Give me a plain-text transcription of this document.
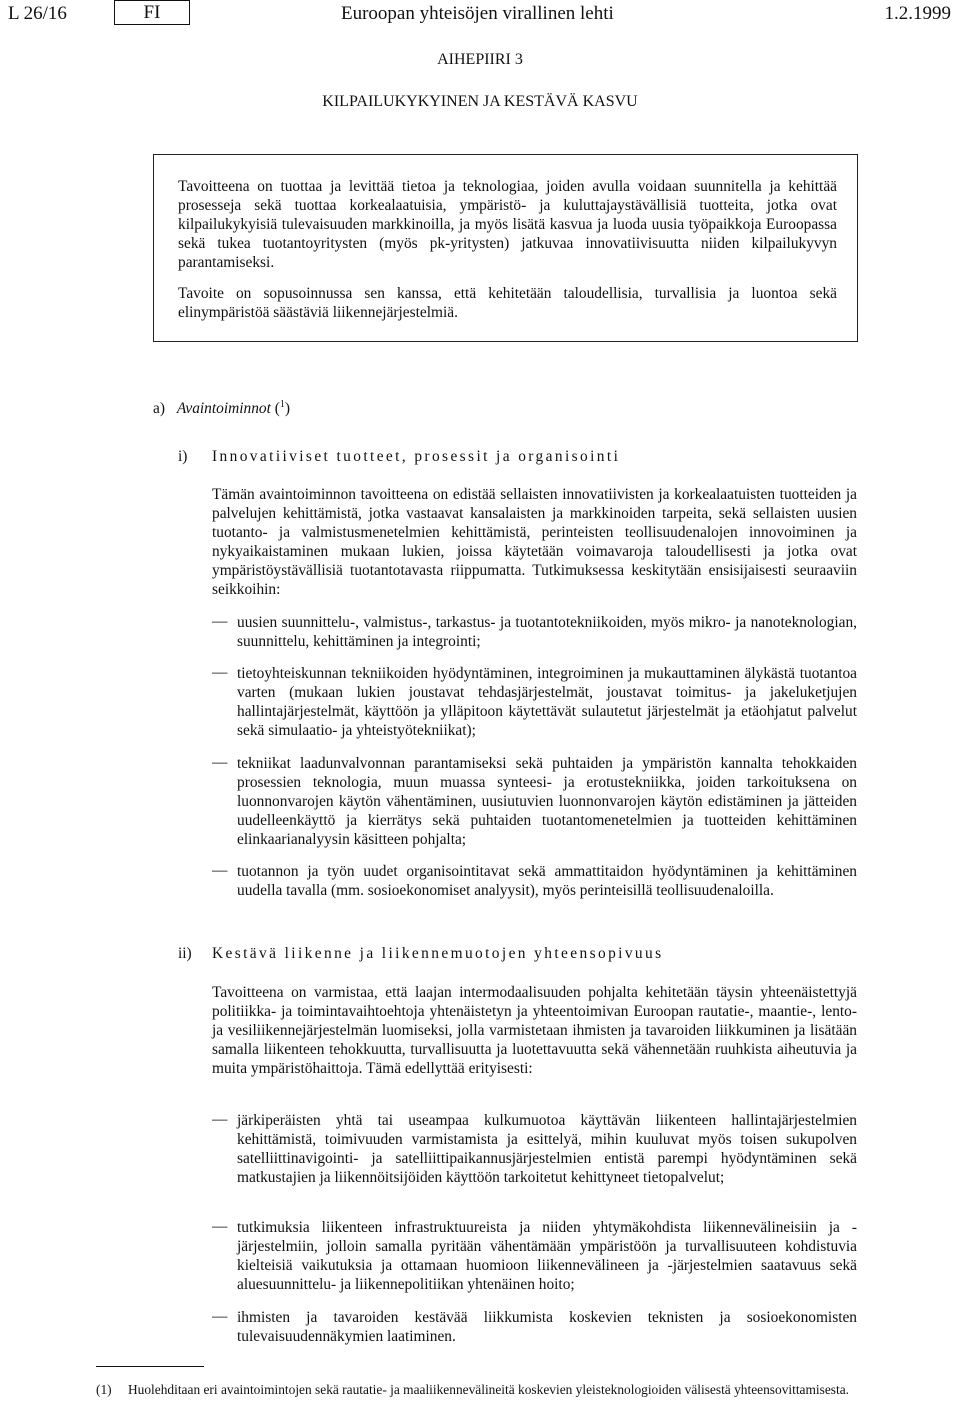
L 26/16	FI	Euroopan yhteisöjen virallinen lehti	1.2.1999
AIHEPIIRI 3
KILPAILUKYKYINEN JA KESTÄVÄ KASVU

Tavoitteena on tuottaa ja levittää tietoa ja teknologiaa, joiden avulla voidaan suunnitella ja kehittää prosesseja sekä tuottaa korkealaatuisia, ympäristö- ja kuluttajaystävällisiä tuotteita, jotka ovat kilpailukykyisiä tulevaisuuden markkinoilla, ja myös lisätä kasvua ja luoda uusia työpaikkoja Euroopassa sekä tukea tuotantoyritysten (myös pk-yritysten) jatkuvaa innovatiivisuutta niiden kilpailukyvyn parantamiseksi.

Tavoite on sopusoinnussa sen kanssa, että kehitetään taloudellisia, turvallisia ja luontoa sekä elinympäristöä säästäviä liikennejärjestelmiä.

a) Avaintoiminnot ($^1$)
i) Innovatiiviset tuotteet, prosessit ja organisointi

Tämän avaintoiminnon tavoitteena on edistää sellaisten innovatiivisten ja korkealaatuisten tuotteiden ja palvelujen kehittämistä, jotka vastaavat kansalaisten ja markkinoiden tarpeita, sekä sellaisten uusien tuotanto- ja valmistusmenetelmien kehittämistä, perinteisten teollisuudenalojen innovoiminen ja nykyaikaistaminen mukaan lukien, joissa käytetään voimavaroja taloudellisesti ja jotka ovat ympäristöystävällisiä tuotantotavasta riippumatta. Tutkimuksessa keskitytään ensisijaisesti seuraaviin seikkoihin:

— uusien suunnittelu-, valmistus-, tarkastus- ja tuotantotekniikoiden, myös mikro- ja nanoteknologian, suunnittelu, kehittäminen ja integrointi;

— tietoyhteiskunnan tekniikoiden hyödyntäminen, integroiminen ja mukauttaminen älykästä tuotantoa varten (mukaan lukien joustavat tehdasjärjestelmät, joustavat toimitus- ja jakeluketjujen hallintajärjestelmät, käyttöön ja ylläpitoon käytettävät sulautetut järjestelmät ja etäohjatut palvelut sekä simulaatio- ja yhteistyötekniikat);

— tekniikat laadunvalvonnan parantamiseksi sekä puhtaiden ja ympäristön kannalta tehokkaiden prosessien teknologia, muun muassa synteesi- ja erotustekniikka, joiden tarkoituksena on luonnonvarojen käytön vähentäminen, uusiutuvien luonnonvarojen käytön edistäminen ja jätteiden uudelleenkäyttö ja kierrätys sekä puhtaiden tuotantomenetelmien ja tuotteiden kehittäminen elinkaarianalyysin käsitteen pohjalta;

— tuotannon ja työn uudet organisointitavat sekä ammattitaidon hyödyntäminen ja kehittäminen uudella tavalla (mm. sosioekonomiset analyysit), myös perinteisillä teollisuudenaloilla.

ii) Kestävä liikenne ja liikennemuotojen yhteensopivuus

Tavoitteena on varmistaa, että laajan intermodaalisuuden pohjalta kehitetään täysin yhteenäistettyjä politiikka- ja toimintavaihtoehtoja yhtenäistetyn ja yhteentoimivan Euroopan rautatie-, maantie-, lento- ja vesiliikennejärjestelmän luomiseksi, jolla varmistetaan ihmisten ja tavaroiden liikkuminen ja lisätään samalla liikenteen tehokkuutta, turvallisuutta ja luotettavuutta sekä vähennetään ruuhkista aiheutuvia ja muita ympäristöhaittoja. Tämä edellyttää erityisesti:

— järkiperäisten yhtä tai useampaa kulkumuotoa käyttävän liikenteen hallintajärjestelmien kehittämistä, toimivuuden varmistamista ja esittelyä, mihin kuuluvat myös toisen sukupolven satelliittinavigointi- ja satelliittipaikannusjärjestelmien entistä parempi hyödyntäminen sekä matkustajien ja liikennöitsijöiden käyttöön tarkoitetut kehittyneet tietopalvelut;

— tutkimuksia liikenteen infrastruktuureista ja niiden yhtymäkohdista liikennevälineisiin ja -järjestelmiin, jolloin samalla pyritään vähentämään ympäristöön ja turvallisuuteen kohdistuvia kielteisiä vaikutuksia ja ottamaan huomioon liikennevälineen ja -järjestelmien saatavuus sekä aluesuunnittelu- ja liikennepolitiikan yhtenäinen hoito;

— ihmisten ja tavaroiden kestävää liikkumista koskevien teknisten ja sosioekonomisten tulevaisuudennäkymien laatiminen.

(1) Huolehditaan eri avaintoimintojen sekä rautatie- ja maaliikennevälineitä koskevien yleisteknologioiden välisestä yhteensovittamisesta.
